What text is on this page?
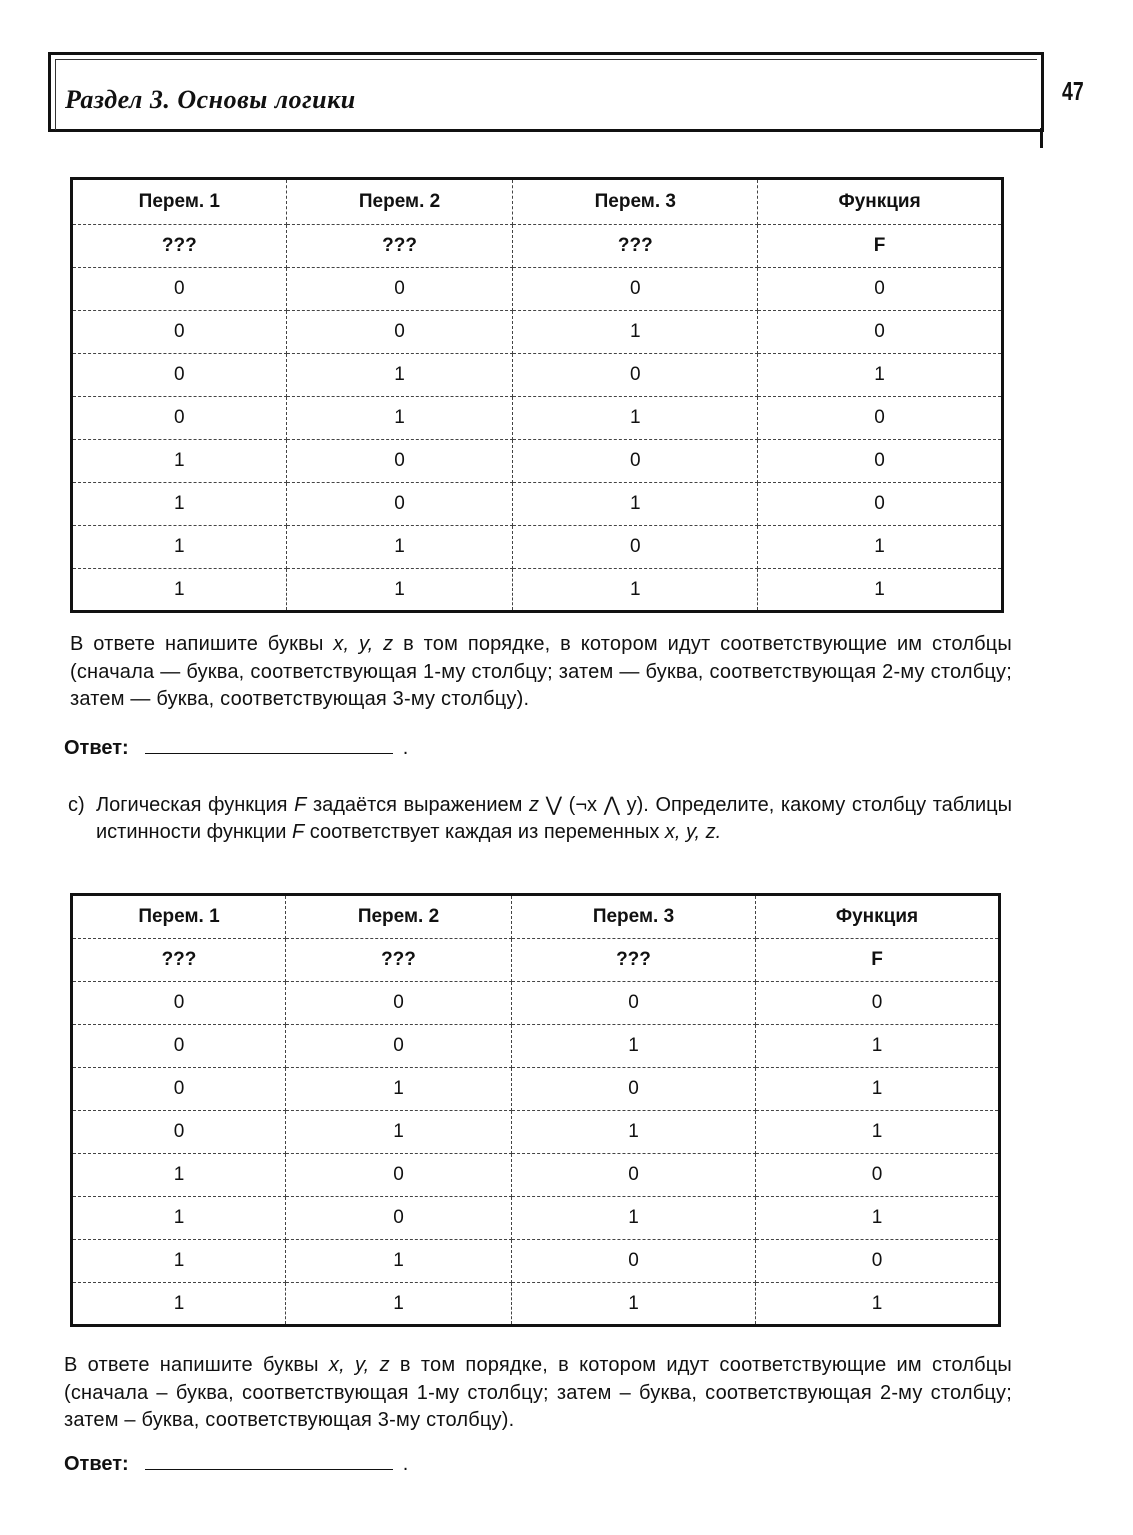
Раздел 3. Основы логики	47
Перем. 1	Перем. 2	Перем. 3	Функция
???	???	???	F
0	0	0	0
0	0	1	0
0	1	0	1
0	1	1	0
1	0	0	0
1	0	1	0
1	1	0	1
1	1	1	1
В ответе напишите буквы x, y, z в том порядке, в котором идут соответствующие им столбцы (сначала — буква, соответствующая 1-му столбцу; затем — буква, соответствующая 2-му столбцу; затем — буква, соответствующая 3-му столбцу).
Ответ:	.
c) Логическая функция F задаётся выражением z ⋁ (¬x ⋀ y). Определите, какому столбцу таблицы истинности функции F соответствует каждая из переменных x, y, z.
Перем. 1	Перем. 2	Перем. 3	Функция
???	???	???	F
0	0	0	0
0	0	1	1
0	1	0	1
0	1	1	1
1	0	0	0
1	0	1	1
1	1	0	0
1	1	1	1
В ответе напишите буквы x, y, z в том порядке, в котором идут соответствующие им столбцы (сначала – буква, соответствующая 1-му столбцу; затем – буква, соответствующая 2-му столбцу; затем – буква, соответствующая 3-му столбцу).
Ответ:	.
